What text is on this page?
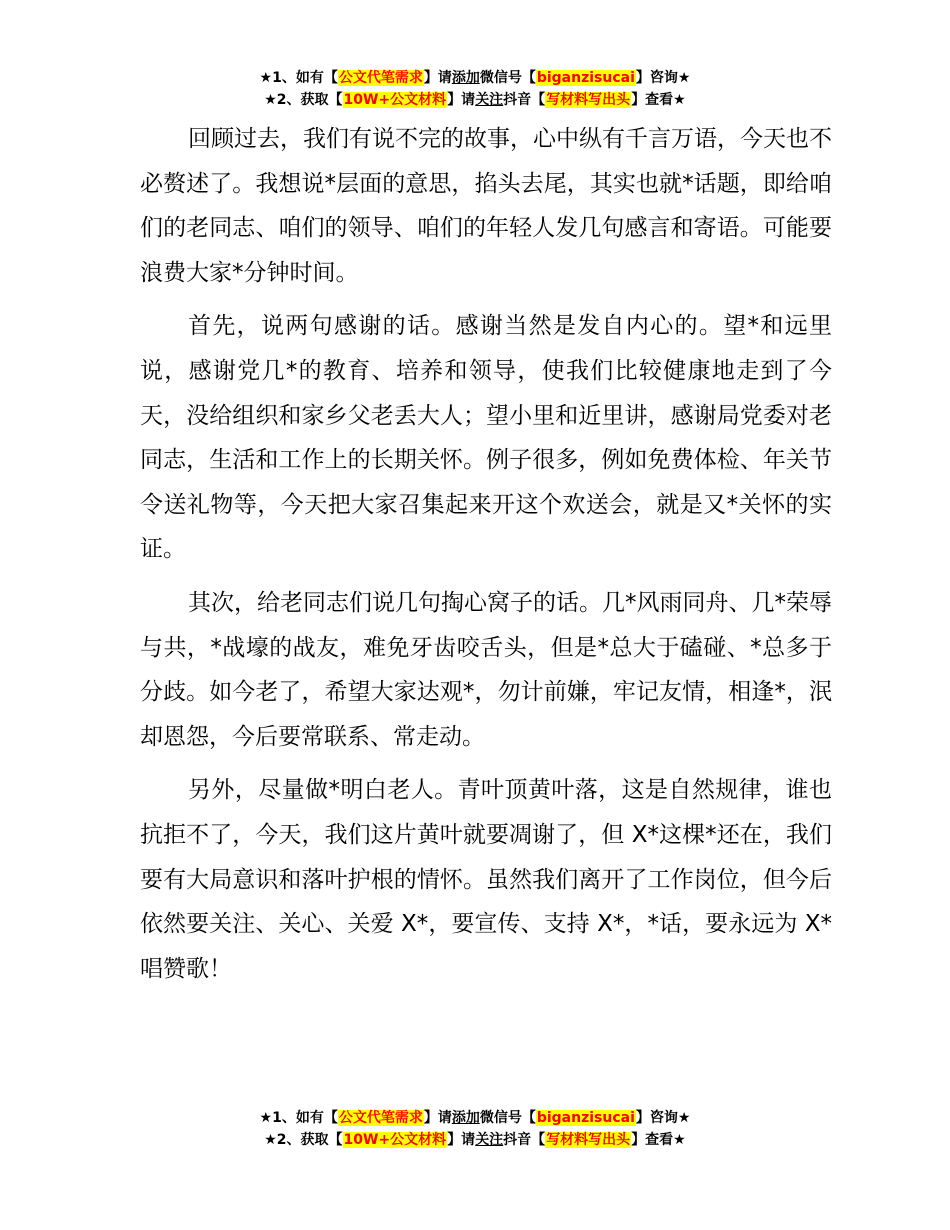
★1、如有【公文代笔需求】请添加微信号【biganzisucai】咨询★
★2、获取【10W+公文材料】请关注抖音【写材料写出头】查看★

回顾过去，我们有说不完的故事，心中纵有千言万语，今天也不必赘述了。我想说*层面的意思，掐头去尾，其实也就*话题，即给咱们的老同志、咱们的领导、咱们的年轻人发几句感言和寄语。可能要浪费大家*分钟时间。

首先，说两句感谢的话。感谢当然是发自内心的。望*和远里说，感谢党几*的教育、培养和领导，使我们比较健康地走到了今天，没给组织和家乡父老丢大人；望小里和近里讲，感谢局党委对老同志，生活和工作上的长期关怀。例子很多，例如免费体检、年关节令送礼物等，今天把大家召集起来开这个欢送会，就是又*关怀的实证。

其次，给老同志们说几句掏心窝子的话。几*风雨同舟、几*荣辱与共，*战壕的战友，难免牙齿咬舌头，但是*总大于磕碰、*总多于分歧。如今老了，希望大家达观*，勿计前嫌，牢记友情，相逢*，泯却恩怨，今后要常联系、常走动。

另外，尽量做*明白老人。青叶顶黄叶落，这是自然规律，谁也抗拒不了，今天，我们这片黄叶就要凋谢了，但 X*这棵*还在，我们要有大局意识和落叶护根的情怀。虽然我们离开了工作岗位，但今后依然要关注、关心、关爱 X*，要宣传、支持 X*，*话，要永远为 X*唱赞歌！

★1、如有【公文代笔需求】请添加微信号【biganzisucai】咨询★
★2、获取【10W+公文材料】请关注抖音【写材料写出头】查看★
